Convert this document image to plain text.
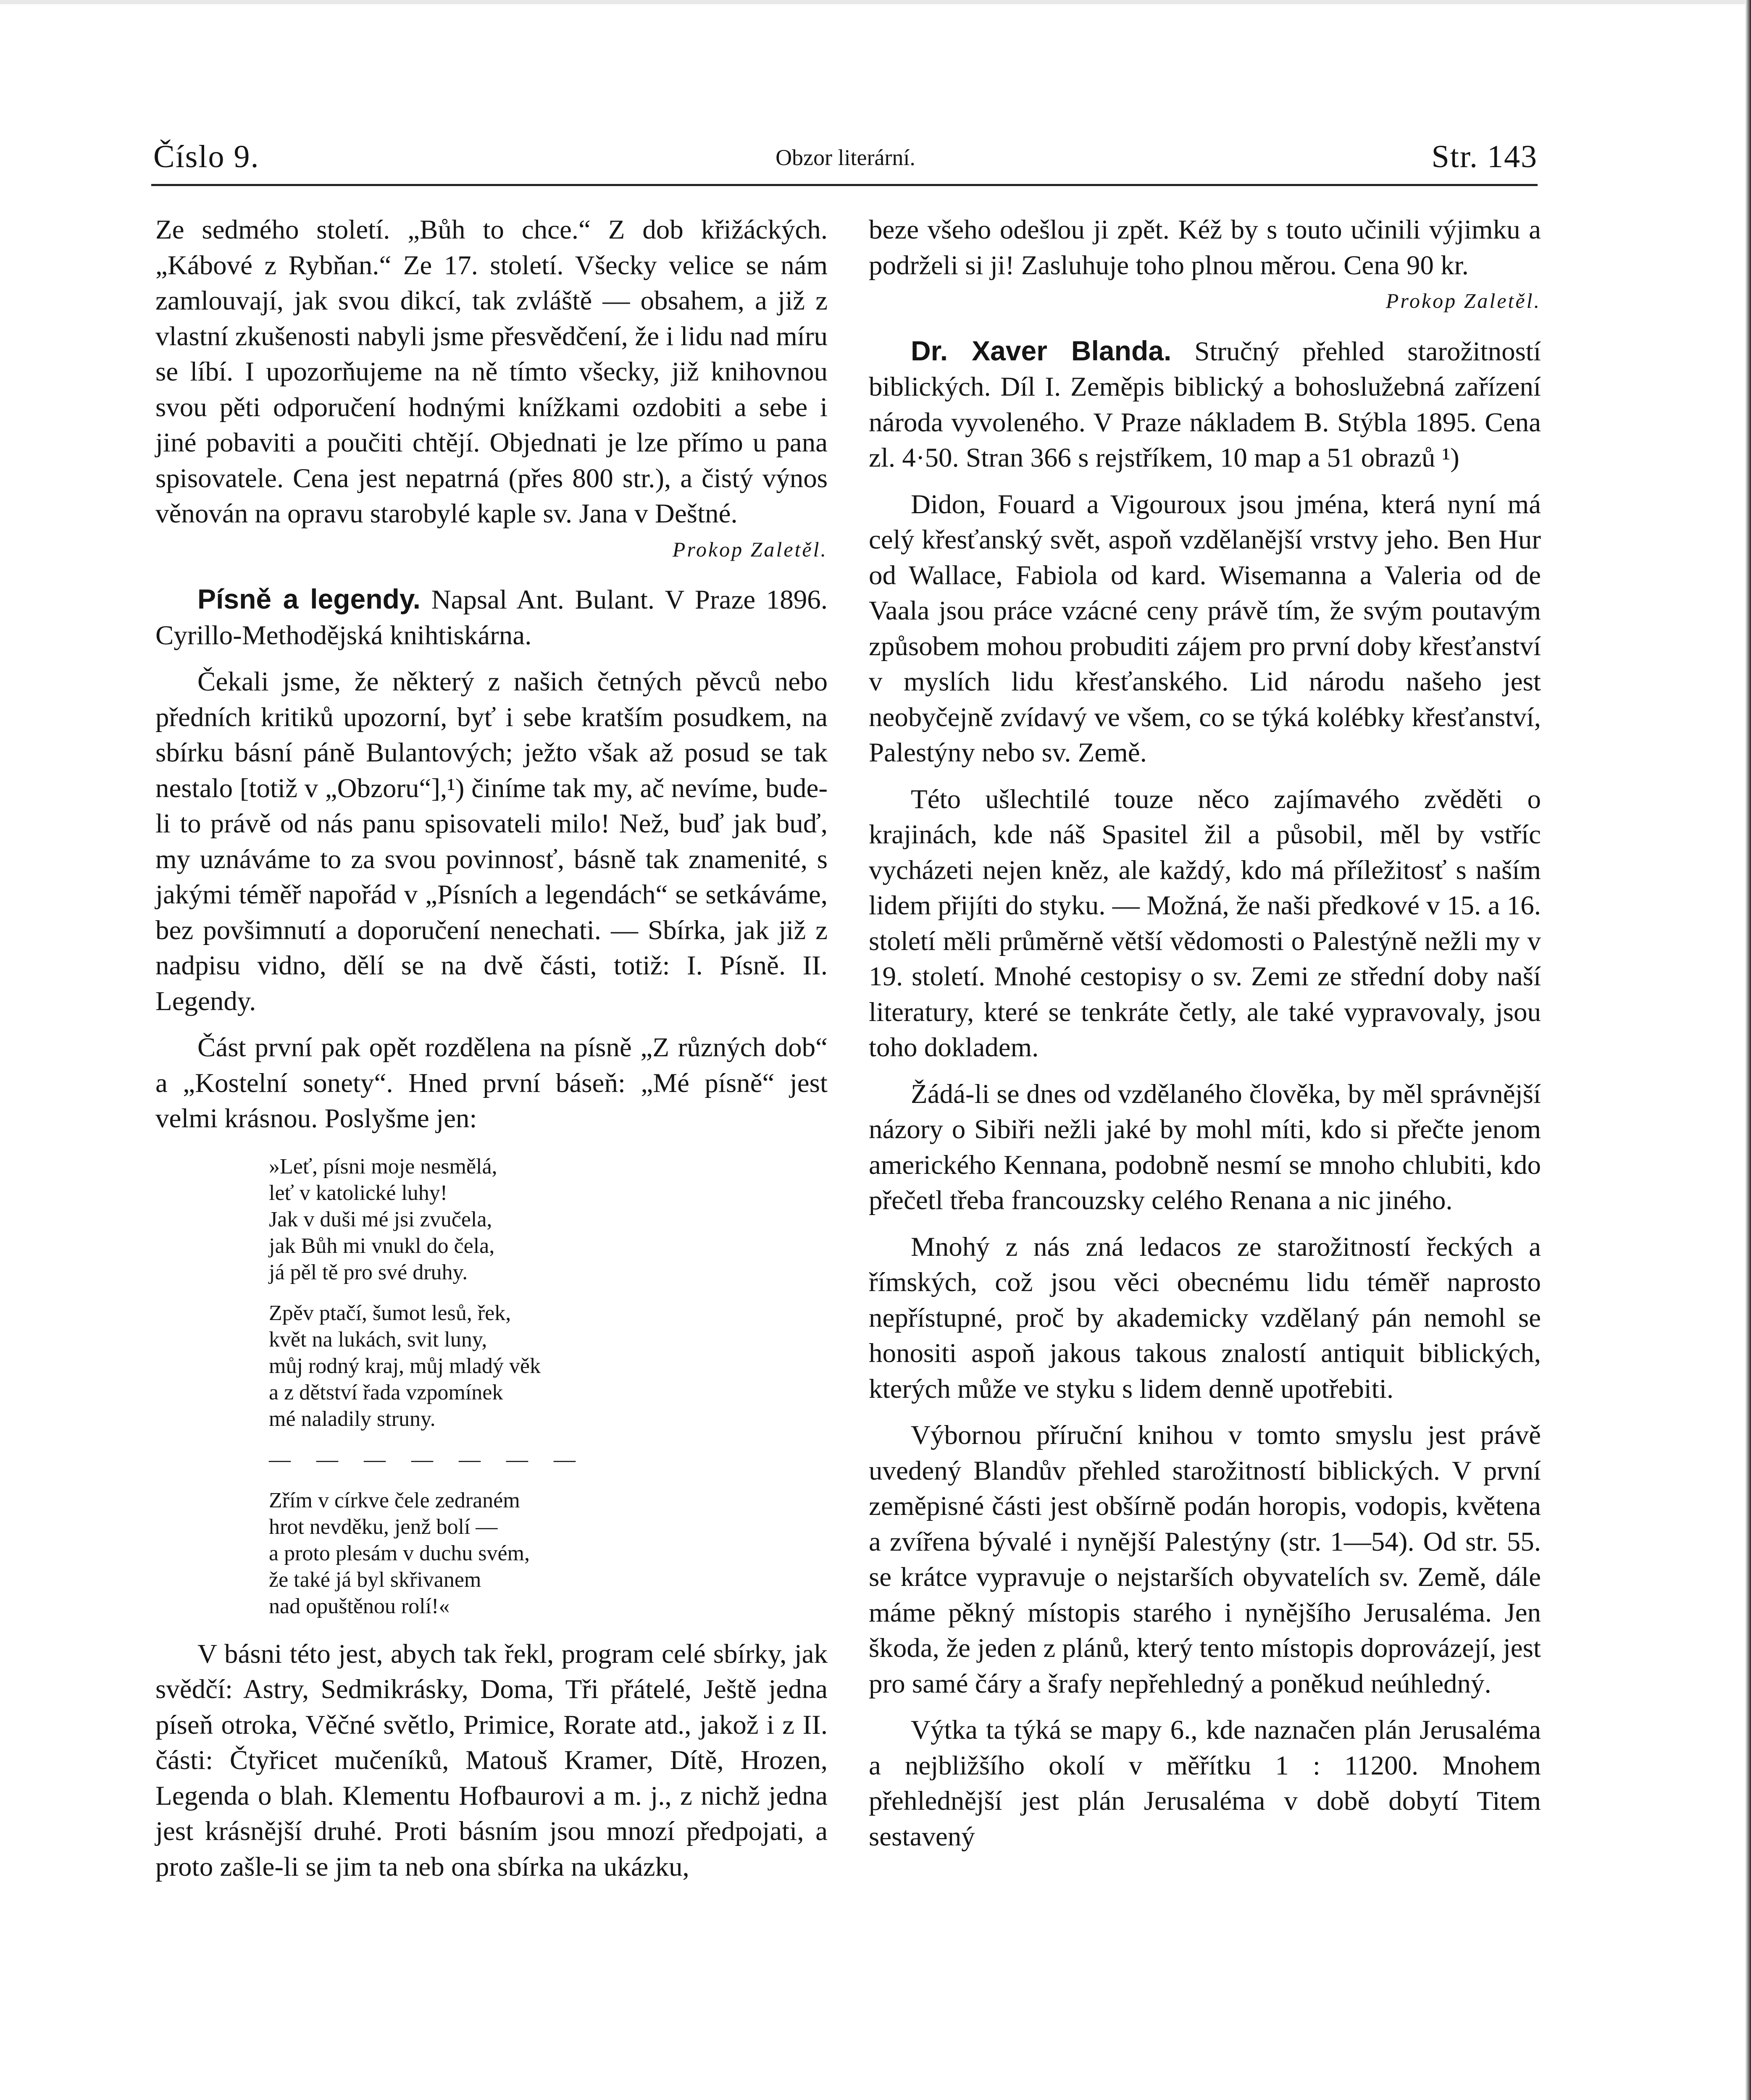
Číslo 9.	Obzor literární.	Str. 143

Ze sedmého století. „Bůh to chce.“ Z dob křižáckých. „Kábové z Rybňan.“ Ze 17. století. Všecky velice se nám zamlouvají, jak svou dikcí, tak zvláště — obsahem, a již z vlastní zkušenosti nabyli jsme přesvědčení, že i lidu nad míru se líbí. I upozorňujeme na ně tímto všecky, již knihovnou svou pěti odporučení hodnými knížkami ozdobiti a sebe i jiné pobaviti a poučiti chtějí. Objednati je lze přímo u pana spisovatele. Cena jest nepatrná (přes 800 str.), a čistý výnos věnován na opravu starobylé kaple sv. Jana v Deštné.

Prokop Zaletěl.

Písně a legendy. Napsal Ant. Bulant. V Praze 1896. Cyrillo-Methodějská knihtiskárna.

Čekali jsme, že některý z našich četných pěvců nebo předních kritiků upozorní, byť i sebe kratším posudkem, na sbírku básní páně Bulantových; ježto však až posud se tak nestalo [totiž v „Obzoru“],¹) činíme tak my, ač nevíme, bude-li to právě od nás panu spisovateli milo! Než, buď jak buď, my uznáváme to za svou povinnosť, básně tak znamenité, s jakými téměř napořád v „Písních a legendách“ se setkáváme, bez povšimnutí a doporučení nenechati. — Sbírka, jak již z nadpisu vidno, dělí se na dvě části, totiž: I. Písně. II. Legendy.

Část první pak opět rozdělena na písně „Z různých dob“ a „Kostelní sonety“. Hned první báseň: „Mé písně“ jest velmi krásnou. Poslyšme jen:

»Leť, písni moje nesmělá,
leť v katolické luhy!
Jak v duši mé jsi zvučela,
jak Bůh mi vnukl do čela,
já pěl tě pro své druhy.
Zpěv ptačí, šumot lesů, řek,
květ na lukách, svit luny,
můj rodný kraj, můj mladý věk
a z dětství řada vzpomínek
mé naladily struny.
— — — — — — —
Zřím v církve čele zedraném
hrot nevděku, jenž bolí —
a proto plesám v duchu svém,
že také já byl skřivanem
nad opuštěnou rolí!«

V básni této jest, abych tak řekl, program celé sbírky, jak svědčí: Astry, Sedmikrásky, Doma, Tři přátelé, Ještě jedna píseň otroka, Věčné světlo, Primice, Rorate atd., jakož i z II. části: Čtyřicet mučeníků, Matouš Kramer, Dítě, Hrozen, Legenda o blah. Klementu Hofbaurovi a m. j., z nichž jedna jest krásnější druhé. Proti básním jsou mnozí předpojati, a proto zašle-li se jim ta neb ona sbírka na ukázku,

beze všeho odešlou ji zpět. Kéž by s touto učinili výjimku a podrželi si ji! Zasluhuje toho plnou měrou. Cena 90 kr.

Prokop Zaletěl.

Dr. Xaver Blanda. Stručný přehled starožitností biblických. Díl I. Zeměpis biblický a bohoslužebná zařízení národa vyvoleného. V Praze nákladem B. Stýbla 1895. Cena zl. 4·50. Stran 366 s rejstříkem, 10 map a 51 obrazů ¹)

Didon, Fouard a Vigouroux jsou jména, která nyní má celý křesťanský svět, aspoň vzdělanější vrstvy jeho. Ben Hur od Wallace, Fabiola od kard. Wisemanna a Valeria od de Vaala jsou práce vzácné ceny právě tím, že svým poutavým způsobem mohou probuditi zájem pro první doby křesťanství v myslích lidu křesťanského. Lid národu našeho jest neobyčejně zvídavý ve všem, co se týká kolébky křesťanství, Palestýny nebo sv. Země.

Této ušlechtilé touze něco zajímavého zvěděti o krajinách, kde náš Spasitel žil a působil, měl by vstříc vycházeti nejen kněz, ale každý, kdo má příležitosť s naším lidem přijíti do styku. — Možná, že naši předkové v 15. a 16. století měli průměrně větší vědomosti o Palestýně nežli my v 19. století. Mnohé cestopisy o sv. Zemi ze střední doby naší literatury, které se tenkráte četly, ale také vypravovaly, jsou toho dokladem.

Žádá-li se dnes od vzdělaného člověka, by měl správnější názory o Sibiři nežli jaké by mohl míti, kdo si přečte jenom amerického Kennana, podobně nesmí se mnoho chlubiti, kdo přečetl třeba francouzsky celého Renana a nic jiného.

Mnohý z nás zná ledacos ze starožitností řeckých a římských, což jsou věci obecnému lidu téměř naprosto nepřístupné, proč by akademicky vzdělaný pán nemohl se honositi aspoň jakous takous znalostí antiquit biblických, kterých může ve styku s lidem denně upotřebiti.

Výbornou příruční knihou v tomto smyslu jest právě uvedený Blandův přehled starožitností biblických. V první zeměpisné části jest obšírně podán horopis, vodopis, květena a zvířena bývalé i nynější Palestýny (str. 1—54). Od str. 55. se krátce vypravuje o nejstarších obyvatelích sv. Země, dále máme pěkný místopis starého i nynějšího Jerusaléma. Jen škoda, že jeden z plánů, který tento místopis doprovázejí, jest pro samé čáry a šrafy nepřehledný a poněkud neúhledný.

Výtka ta týká se mapy 6., kde naznačen plán Jerusaléma a nejbližšího okolí v měřítku 1 : 11200. Mnohem přehlednější jest plán Jerusaléma v době dobytí Titem sestavený
